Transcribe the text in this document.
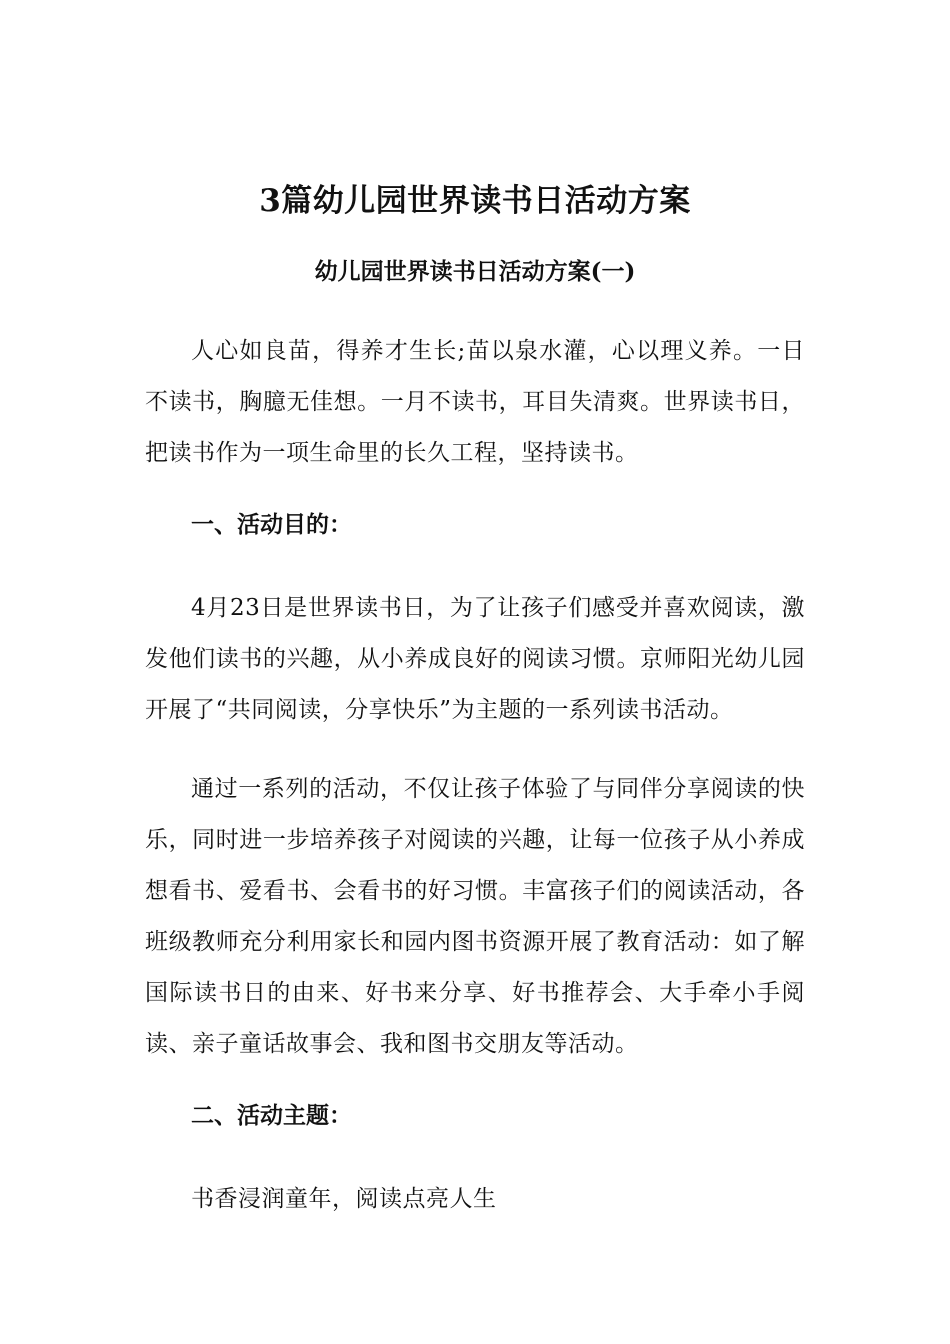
3篇幼儿园世界读书日活动方案
幼儿园世界读书日活动方案(一)

人心如良苗，得养才生长;苗以泉水灌，心以理义养。一日不读书，胸臆无佳想。一月不读书，耳目失清爽。世界读书日，把读书作为一项生命里的长久工程，坚持读书。

一、活动目的：

4月23日是世界读书日，为了让孩子们感受并喜欢阅读，激发他们读书的兴趣，从小养成良好的阅读习惯。京师阳光幼儿园开展了“共同阅读，分享快乐”为主题的一系列读书活动。

通过一系列的活动，不仅让孩子体验了与同伴分享阅读的快乐，同时进一步培养孩子对阅读的兴趣，让每一位孩子从小养成想看书、爱看书、会看书的好习惯。丰富孩子们的阅读活动，各班级教师充分利用家长和园内图书资源开展了教育活动：如了解国际读书日的由来、好书来分享、好书推荐会、大手牵小手阅读、亲子童话故事会、我和图书交朋友等活动。

二、活动主题：

书香浸润童年，阅读点亮人生
